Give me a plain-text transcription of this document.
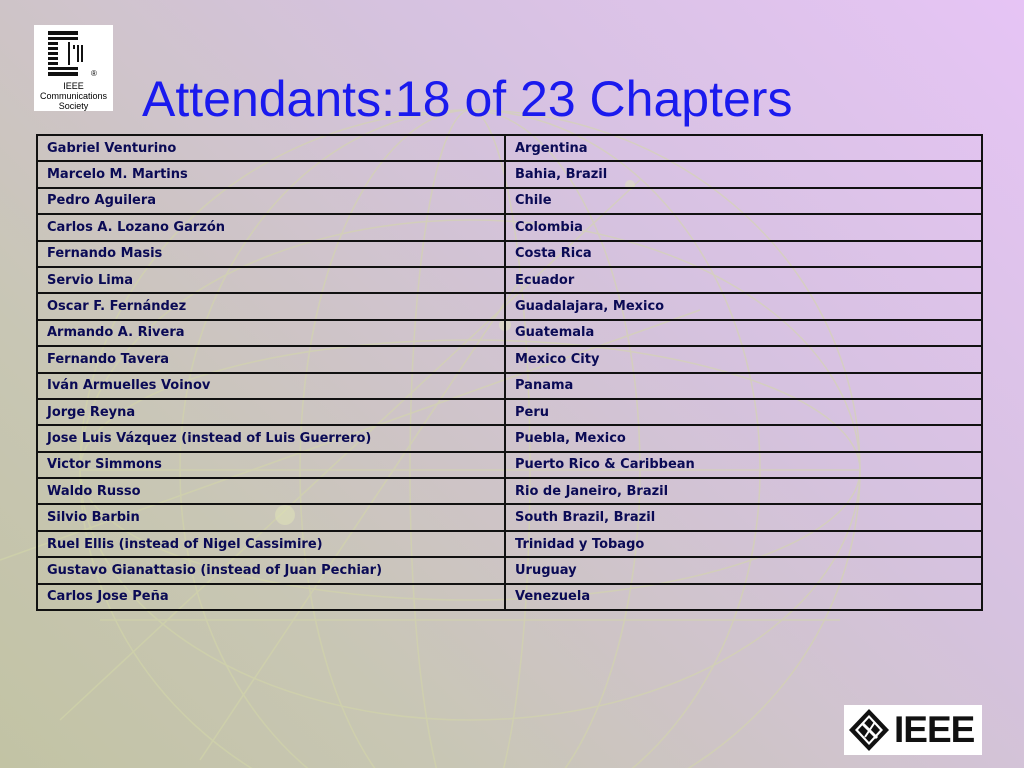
®
IEEE
Communications
Society	Attendants:18 of 23 Chapters
Gabriel Venturino	Argentina
Marcelo M. Martins	Bahia, Brazil
Pedro Aguilera	Chile
Carlos A. Lozano Garzón	Colombia
Fernando Masis	Costa Rica
Servio Lima	Ecuador
Oscar F. Fernández	Guadalajara, Mexico
Armando A. Rivera	Guatemala
Fernando Tavera	Mexico City
Iván Armuelles Voinov	Panama
Jorge Reyna	Peru
Jose Luis Vázquez (instead of Luis Guerrero)	Puebla, Mexico
Victor Simmons	Puerto Rico & Caribbean
Waldo Russo	Rio de Janeiro, Brazil
Silvio Barbin	South Brazil, Brazil
Ruel Ellis (instead of Nigel Cassimire)	Trinidad y Tobago
Gustavo Gianattasio (instead of Juan Pechiar)	Uruguay
Carlos Jose Peña	Venezuela
IEEE
